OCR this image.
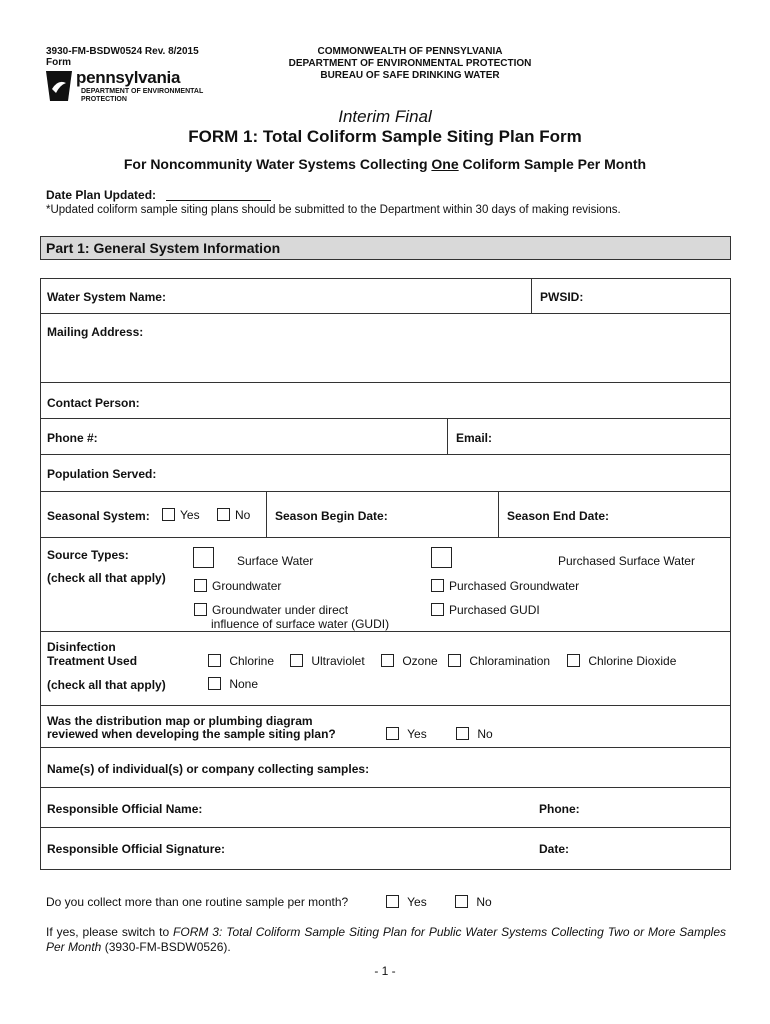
3930-FM-BSDW0524 Rev. 8/2015
Form
pennsylvania
DEPARTMENT OF ENVIRONMENTAL
PROTECTION
COMMONWEALTH OF PENNSYLVANIA
DEPARTMENT OF ENVIRONMENTAL PROTECTION
BUREAU OF SAFE DRINKING WATER
Interim Final
FORM 1: Total Coliform Sample Siting Plan Form
For Noncommunity Water Systems Collecting One Coliform Sample Per Month
Date Plan Updated:
*Updated coliform sample siting plans should be submitted to the Department within 30 days of making revisions.
Part 1: General System Information
Water System Name:	PWSID:
Mailing Address:
Contact Person:
Phone #:	Email:
Population Served:
Seasonal System:	Yes	No Season Begin Date:	Season End Date:
Source Types:
(check all that apply)
Surface Water	Purchased Surface Water
Groundwater	Purchased Groundwater
Groundwater under direct
influence of surface water (GUDI)
Purchased GUDI
Disinfection
Treatment Used
(check all that apply)
Chlorine	Ultraviolet	Ozone	Chloramination	Chlorine Dioxide
None
Was the distribution map or plumbing diagram
reviewed when developing the sample siting plan?	Yes	No
Name(s) of individual(s) or company collecting samples:
Responsible Official Name:	Phone:
Responsible Official Signature:	Date:
Do you collect more than one routine sample per month?	Yes	No
If yes, please switch to FORM 3: Total Coliform Sample Siting Plan for Public Water Systems Collecting Two or More Samples Per Month (3930-FM-BSDW0526).
- 1 -
